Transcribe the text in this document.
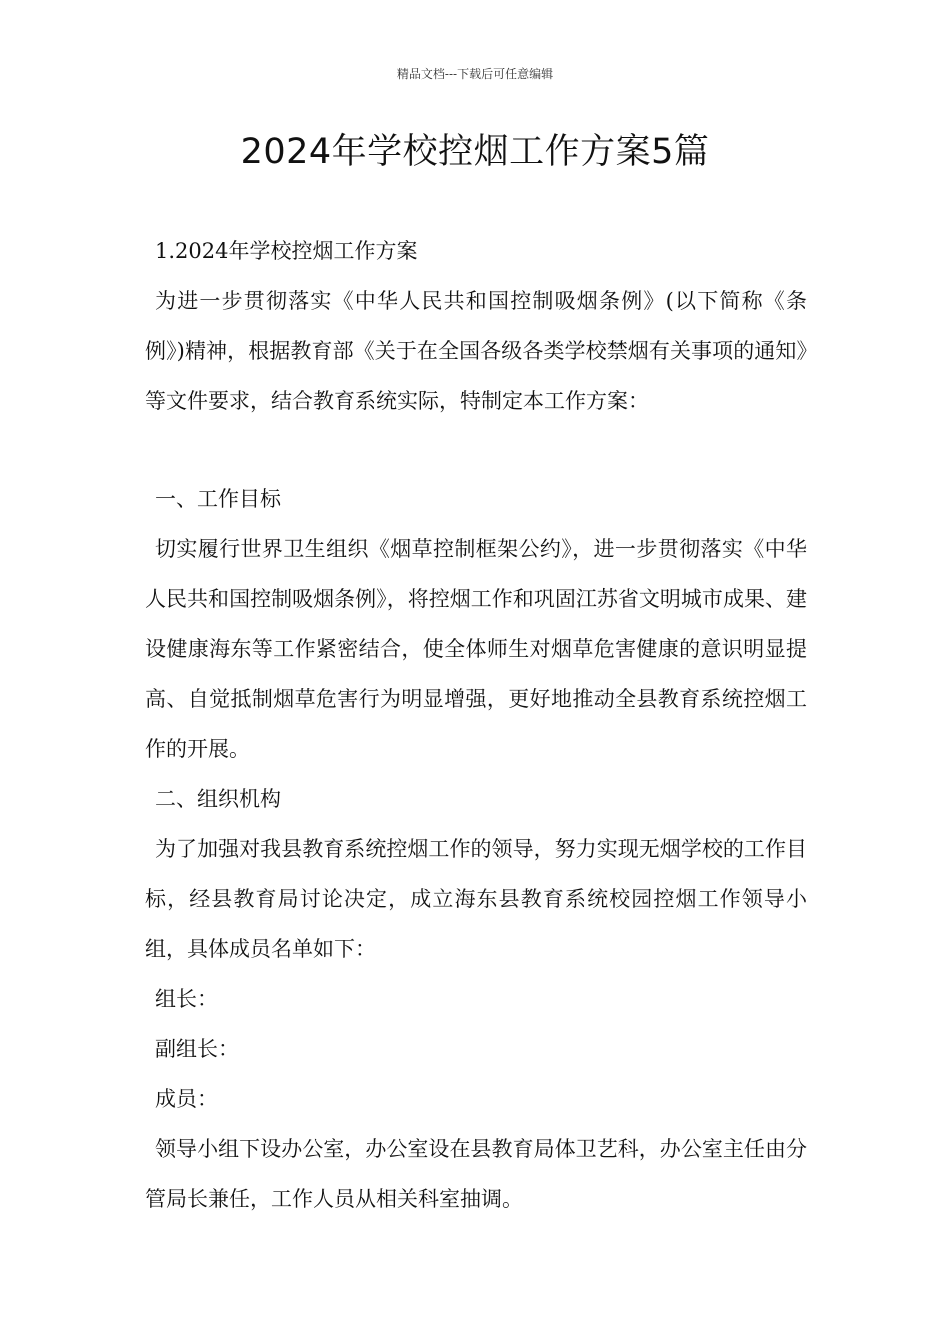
精品文档---下载后可任意编辑
2024年学校控烟工作方案5篇

1.2024年学校控烟工作方案

为进一步贯彻落实《中华人民共和国控制吸烟条例》(以下简称《条例》)精神，根据教育部《关于在全国各级各类学校禁烟有关事项的通知》等文件要求，结合教育系统实际，特制定本工作方案：

一、工作目标

切实履行世界卫生组织《烟草控制框架公约》，进一步贯彻落实《中华人民共和国控制吸烟条例》，将控烟工作和巩固江苏省文明城市成果、建设健康海东等工作紧密结合，使全体师生对烟草危害健康的意识明显提高、自觉抵制烟草危害行为明显增强，更好地推动全县教育系统控烟工作的开展。

二、组织机构

为了加强对我县教育系统控烟工作的领导，努力实现无烟学校的工作目标，经县教育局讨论决定，成立海东县教育系统校园控烟工作领导小组，具体成员名单如下：

组长：

副组长：

成员：

领导小组下设办公室，办公室设在县教育局体卫艺科，办公室主任由分管局长兼任，工作人员从相关科室抽调。
